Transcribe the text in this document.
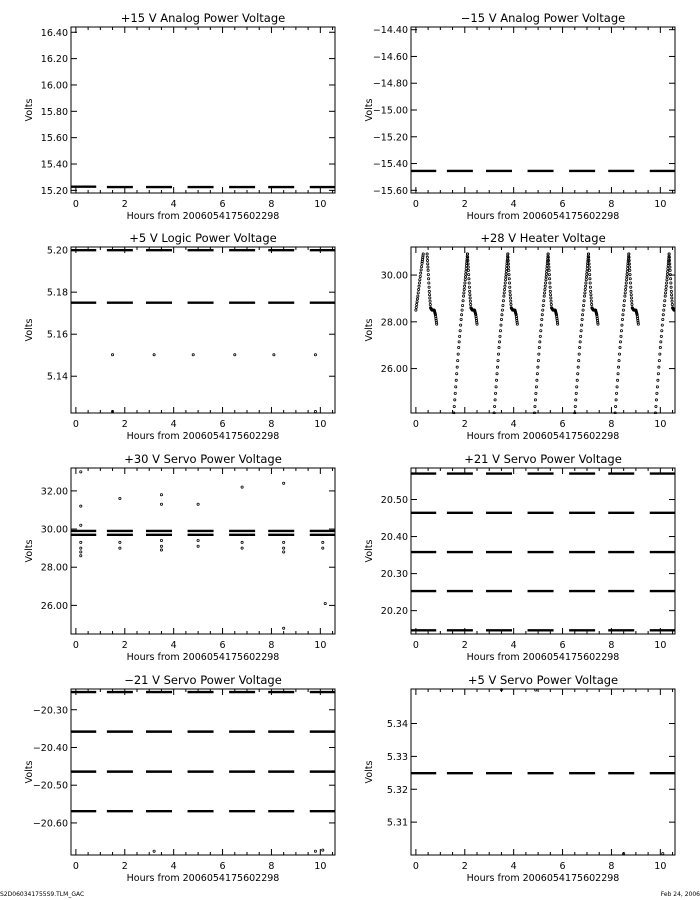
+15 V Analog Power Voltage
0	2	4	6	8	10
15.20
15.40
15.60
15.80
16.00
16.20
16.40
Hours from 2006054175602298
Volts
−15 V Analog Power Voltage
0	2	4	6	8	10
−15.60
−15.40
−15.20
−15.00
−14.80
−14.60
−14.40
Hours from 2006054175602298
Volts
+5 V Logic Power Voltage
0	2	4	6	8	10
5.14
5.16
5.18
5.20
Hours from 2006054175602298
Volts
+28 V Heater Voltage
0	2	4	6	8	10
26.00
28.00
30.00
Hours from 2006054175602298
Volts
+30 V Servo Power Voltage
0	2	4	6	8	10
26.00
28.00
30.00
32.00
Hours from 2006054175602298
Volts
+21 V Servo Power Voltage
0	2	4	6	8	10
20.20
20.30
20.40
20.50
Hours from 2006054175602298
Volts
−21 V Servo Power Voltage
0	2	4	6	8	10
−20.60
−20.50
−20.40
−20.30
Hours from 2006054175602298
Volts
+5 V Servo Power Voltage
0	2	4	6	8	10
5.31
5.32
5.33
5.34
Hours from 2006054175602298
Volts
S2D060341755S9.TLM_GAC	Feb 24, 2006
